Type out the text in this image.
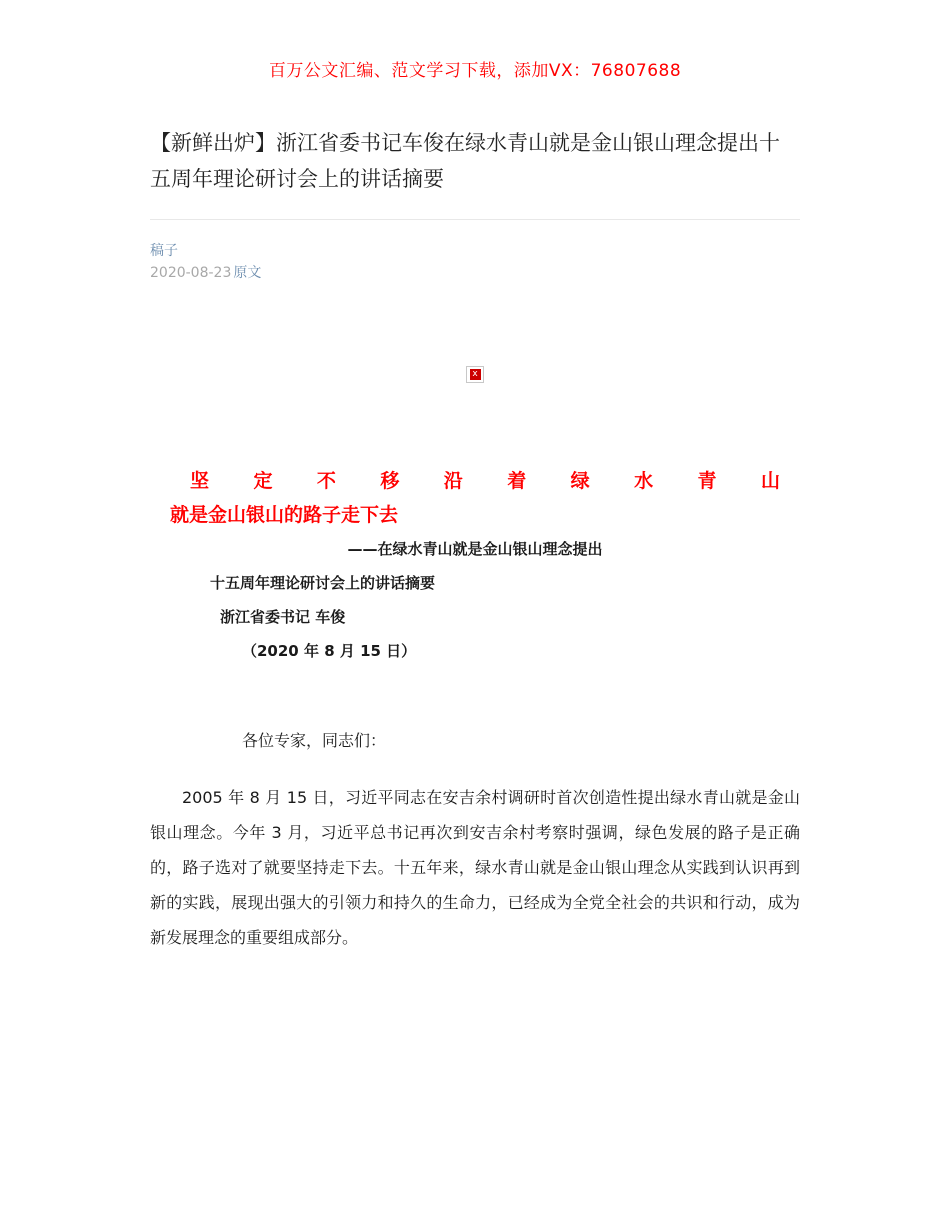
百万公文汇编、范文学习下载，添加VX：76807688
【新鲜出炉】浙江省委书记车俊在绿水青山就是金山银山理念提出十五周年理论研讨会上的讲话摘要
稿子
2020-08-23 原文
x

坚定不移沿着绿水青山

就是金山银山的路子走下去

——在绿水青山就是金山银山理念提出

十五周年理论研讨会上的讲话摘要

浙江省委书记 车俊

（2020 年 8 月 15 日）

各位专家，同志们：

2005 年 8 月 15 日，习近平同志在安吉余村调研时首次创造性提出绿水青山就是金山银山理念。今年 3 月，习近平总书记再次到安吉余村考察时强调，绿色发展的路子是正确的，路子选对了就要坚持走下去。十五年来，绿水青山就是金山银山理念从实践到认识再到新的实践，展现出强大的引领力和持久的生命力，已经成为全党全社会的共识和行动，成为新发展理念的重要组成部分。
